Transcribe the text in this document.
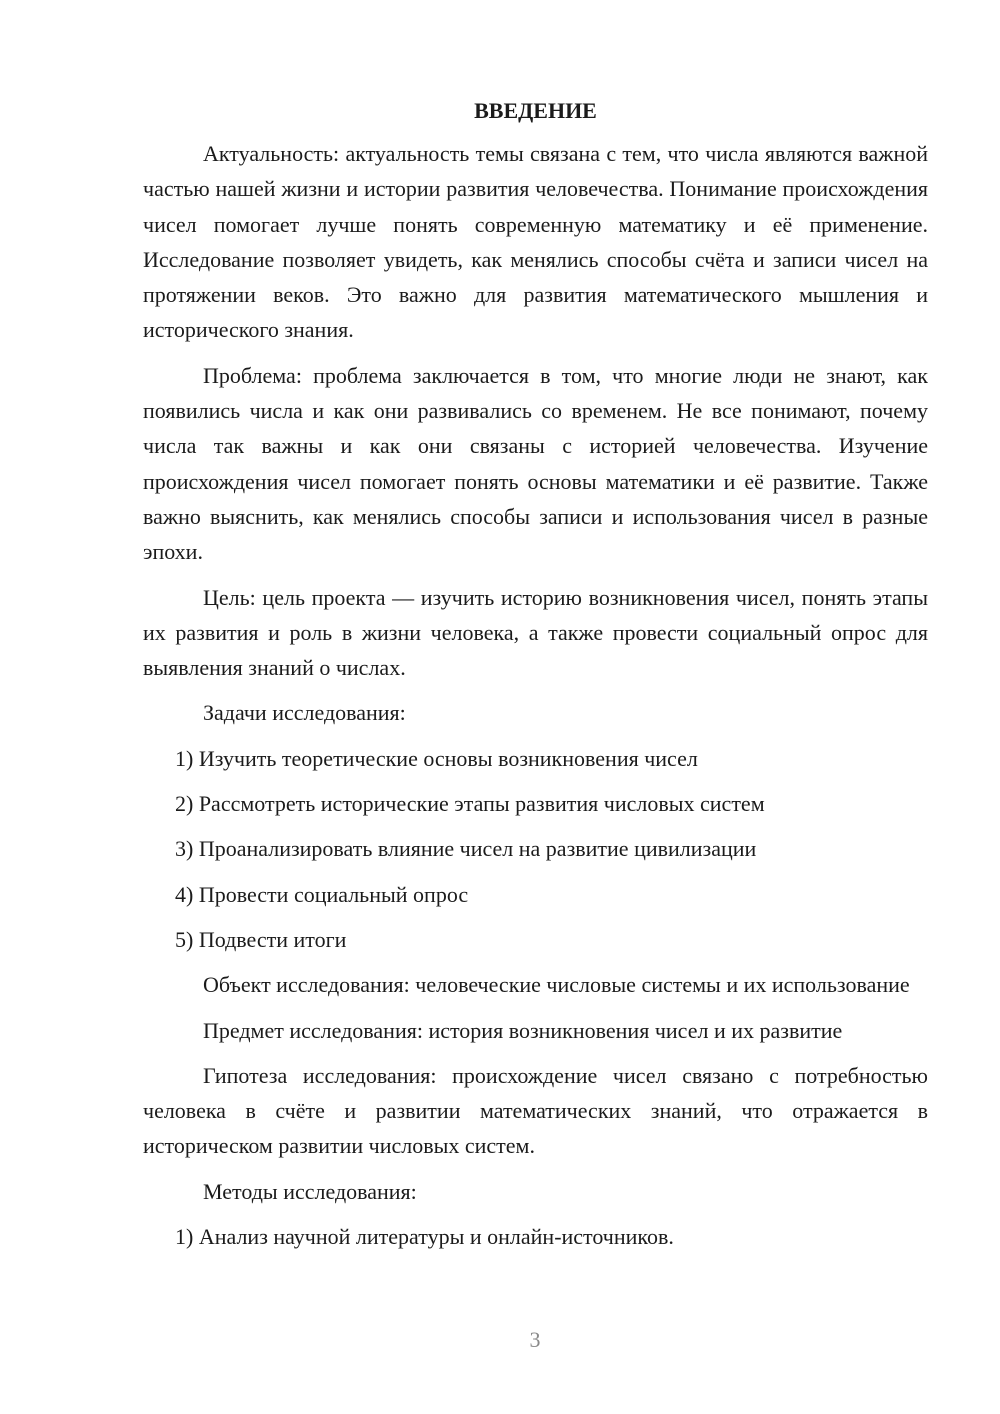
ВВЕДЕНИЕ

Актуальность: актуальность темы связана с тем, что числа являются важной частью нашей жизни и истории развития человечества. Понимание происхождения чисел помогает лучше понять современную математику и её применение. Исследование позволяет увидеть, как менялись способы счёта и записи чисел на протяжении веков. Это важно для развития математического мышления и исторического знания.

Проблема: проблема заключается в том, что многие люди не знают, как появились числа и как они развивались со временем. Не все понимают, почему числа так важны и как они связаны с историей человечества. Изучение происхождения чисел помогает понять основы математики и её развитие. Также важно выяснить, как менялись способы записи и использования чисел в разные эпохи.

Цель: цель проекта — изучить историю возникновения чисел, понять этапы их развития и роль в жизни человека, а также провести социальный опрос для выявления знаний о числах.

Задачи исследования:
1) Изучить теоретические основы возникновения чисел
2) Рассмотреть исторические этапы развития числовых систем
3) Проанализировать влияние чисел на развитие цивилизации
4) Провести социальный опрос
5) Подвести итоги

Объект исследования: человеческие числовые системы и их использование

Предмет исследования: история возникновения чисел и их развитие

Гипотеза исследования: происхождение чисел связано с потребностью человека в счёте и развитии математических знаний, что отражается в историческом развитии числовых систем.

Методы исследования:
1) Анализ научной литературы и онлайн-источников.
3
